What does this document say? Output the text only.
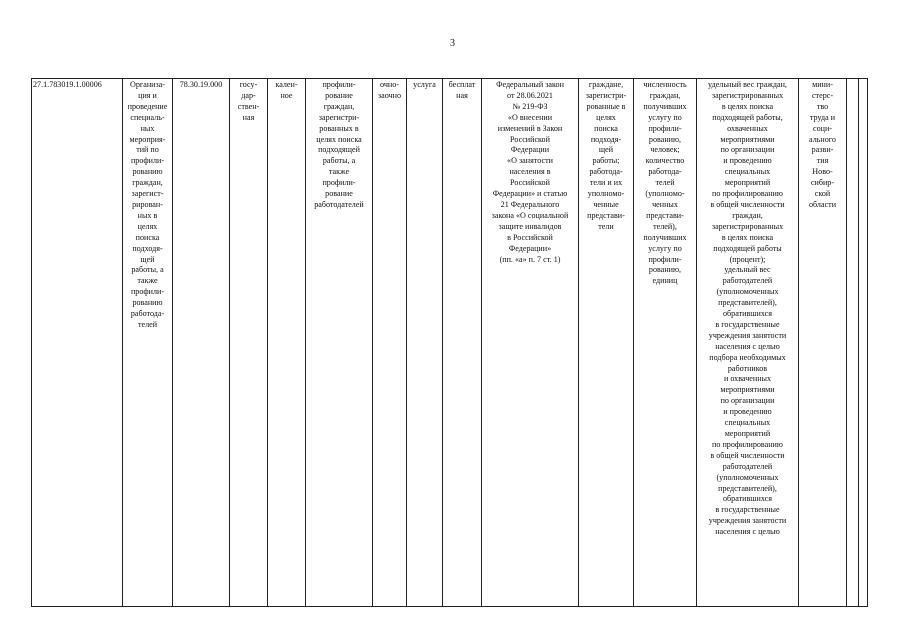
3
27.1.783019.1.00006	Организа-
ция и
проведение
специаль-
ных
мероприя-
тий по
профили-
рованию
граждан,
зарегист-
рирован-
ных в
целях
поиска
подходя-
щей
работы, а
также
профили-
рованию
работода-
телей

78.30.19.000	госу-
дар-
ствен-
ная

кален-
ное

профили-
рование
граждан,
зарегистри-
рованных в
целях поиска
подходящей
работы, а
также
профили-
рование
работодателей

очно-
заочно

услуга	бесплат
ная

Федеральный закон
от 28.06.2021
№ 219-ФЗ
«О внесении
изменений в Закон
Российской
Федерации
«О занятости
населения в
Российской
Федерации» и статью
21 Федерального
закона «О социальной
защите инвалидов
в Российской
Федерации»
(пп. «а» п. 7 ст. 1)

граждане,
зарегистри-
рованные в
целях
поиска
подходя-
щей
работы;
работода-
тели и их
уполномо-
ченные
представи-
тели

численность
граждан,
получивших
услугу по
профили-
рованию,
человек;
количество
работода-
телей
(уполномо-
ченных
представи-
телей),
получивших
услугу по
профили-
рованию,
единиц

удельный вес граждан,
зарегистрированных
в целях поиска
подходящей работы,
охваченных
мероприятиями
по организации
и проведению
специальных
мероприятий
по профилированию
в общей численности
граждан,
зарегистрированных
в целях поиска
подходящей работы
(процент);
удельный вес
работодателей
(уполномоченных
представителей),
обратившихся
в государственные
учреждения занятости
населения с целью
подбора необходимых
работников
и охваченных
мероприятиями
по организации
и проведению
специальных
мероприятий
по профилированию
в общей численности
работодателей
(уполномоченных
представителей),
обратившихся
в государственные
учреждения занятости
населения с целью

мини-
стерс-
тво
труда и
соци-
ального
разви-
тия
Ново-
сибир-
ской
области
